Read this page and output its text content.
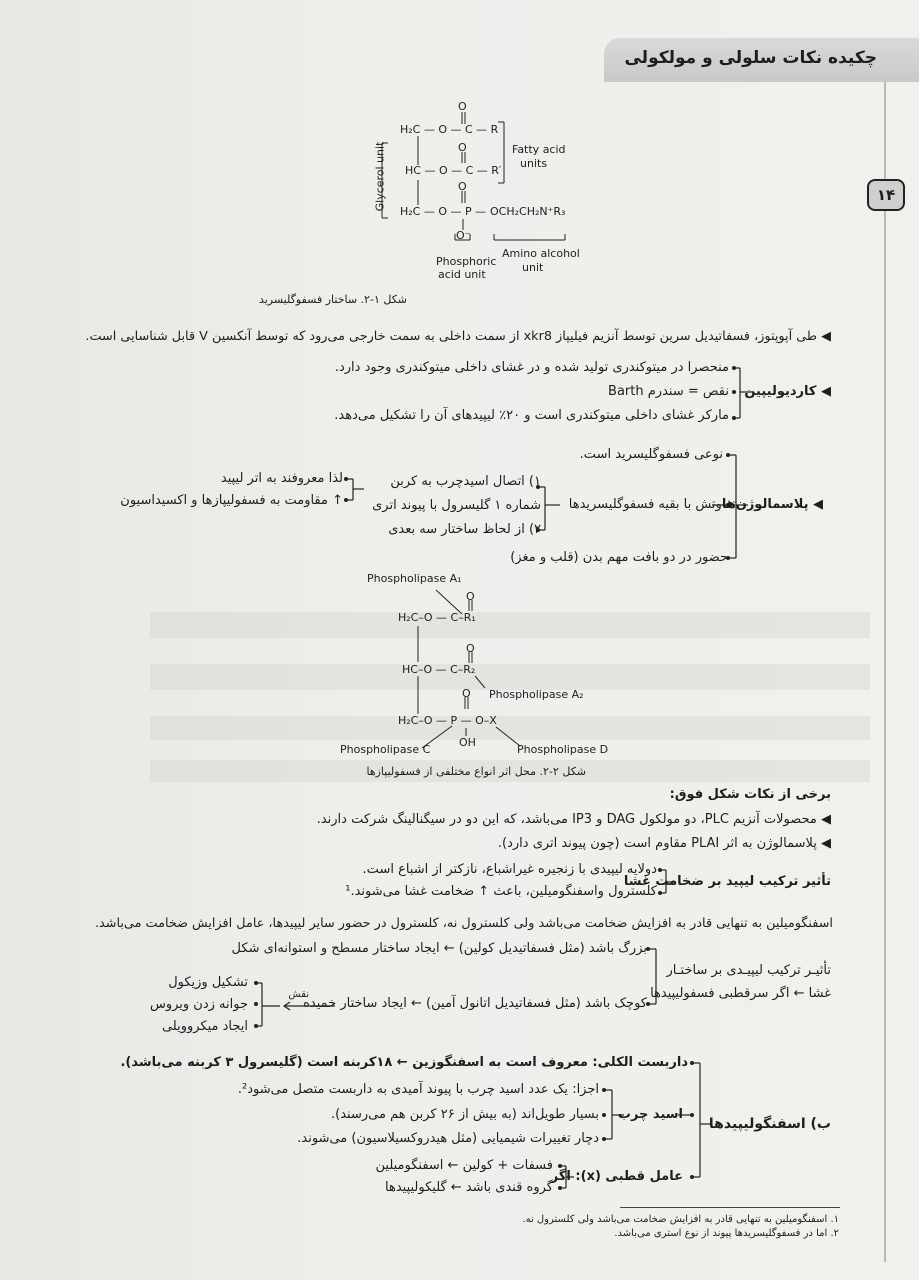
چکیده نکات سلولی و مولکولی
۱۴
O
H₂C — O — C — R
O
HC — O — C — R′
O
H₂C — O — P — OCH₂CH₂N⁺R₃
O⁻
Glycerol unit	Fatty acid
units
Phosphoric
acid unit
Amino alcohol
unit
شکل ۱-۲. ساختار فسفوگلیسرید
◀ طی آپوپتوز، فسفاتیدیل سرین توسط آنزیم فیلیپاز xkr8 از سمت داخلی به سمت خارجی می‌رود که توسط آنکسین V قابل شناسایی است.
◀ کاردیولیپین
منحصرا در میتوکندری تولید شده و در غشای داخلی میتوکندری وجود دارد.
نقص = سندرم Barth
مارکر غشای داخلی میتوکندری است و ۲۰٪ لیپیدهای آن را تشکیل می‌دهد.
◀ پلاسمالوژن‌ها
نوعی فسفوگلیسرید است.
تفاوتش با بقیه فسفوگلیسریدها
۱) اتصال اسیدچرب به کربن
شماره ۱ گلیسرول با پیوند اتری
۲) از لحاظ ساختار سه بعدی
لذا معروفند به اتر لیپید
↑ مقاومت به فسفولیپازها و اکسیداسیون
حضور در دو بافت مهم بدن (قلب و مغز)
Phospholipase A₁
O
H₂C–O — C–R₁
O
HC–O — C–R₂
Phospholipase A₂
O
H₂C–O — P — O–X
OH
Phospholipase C	Phospholipase D
شکل ۲-۲. محل اثر انواع مختلفی از فسفولیپازها
برخی از نکات شکل فوق:
◀ محصولات آنزیم PLC، دو مولکول DAG و IP3 می‌باشد، که این دو در سیگنالینگ شرکت دارند.
◀ پلاسمالوژن به اثر PLAI مقاوم است (چون پیوند اتری دارد).
تأثیر ترکیب لیپید بر ضخامت غشا
دولایه لیپیدی با زنجیره غیراشباع، نازکتر از اشباع است.
کلسترول واسفنگومیلین، باعث ↑ ضخامت غشا می‌شوند.¹
اسفنگومیلین به تنهایی قادر به افزایش ضخامت می‌باشد ولی کلسترول نه، کلسترول در حضور سایر لیپیدها، عامل افزایش ضخامت می‌باشد.
تأثیـر ترکیب لیپیـدی بر ساختـار
غشا ← اگر سرقطبی فسفولیپیدها
بزرگ باشد (مثل فسفاتیدیل کولین) ← ایجاد ساختار مسطح و استوانه‌ای شکل
کوچک باشد (مثل فسفاتیدیل اتانول آمین) ← ایجاد ساختار خمیده
نقش
تشکیل وزیکول
جوانه زدن ویروس
ایجاد میکروویلی
ب) اسفنگولیپیدها
داربست الکلی: معروف است به اسفنگوزین ← ۱۸کربنه است (گلیسرول ۳ کربنه می‌باشد).
اسید چرب
اجزا: یک عدد اسید چرب با پیوند آمیدی به داربست متصل می‌شود².
بسیار طویل‌اند (به بیش از ۲۶ کربن هم می‌رسند).
دچار تغییرات شیمیایی (مثل هیدروکسیلاسیون) می‌شوند.
عامل قطبی (x): اگر
فسفات + کولین ← اسفنگومیلین
گروه قندی باشد ← گلیکولیپیدها
۱. اسفنگومیلین به تنهایی قادر به افزایش ضخامت می‌باشد ولی کلسترول نه.
۲. اما در فسفوگلیسریدها پیوند از نوع استری می‌باشد.
